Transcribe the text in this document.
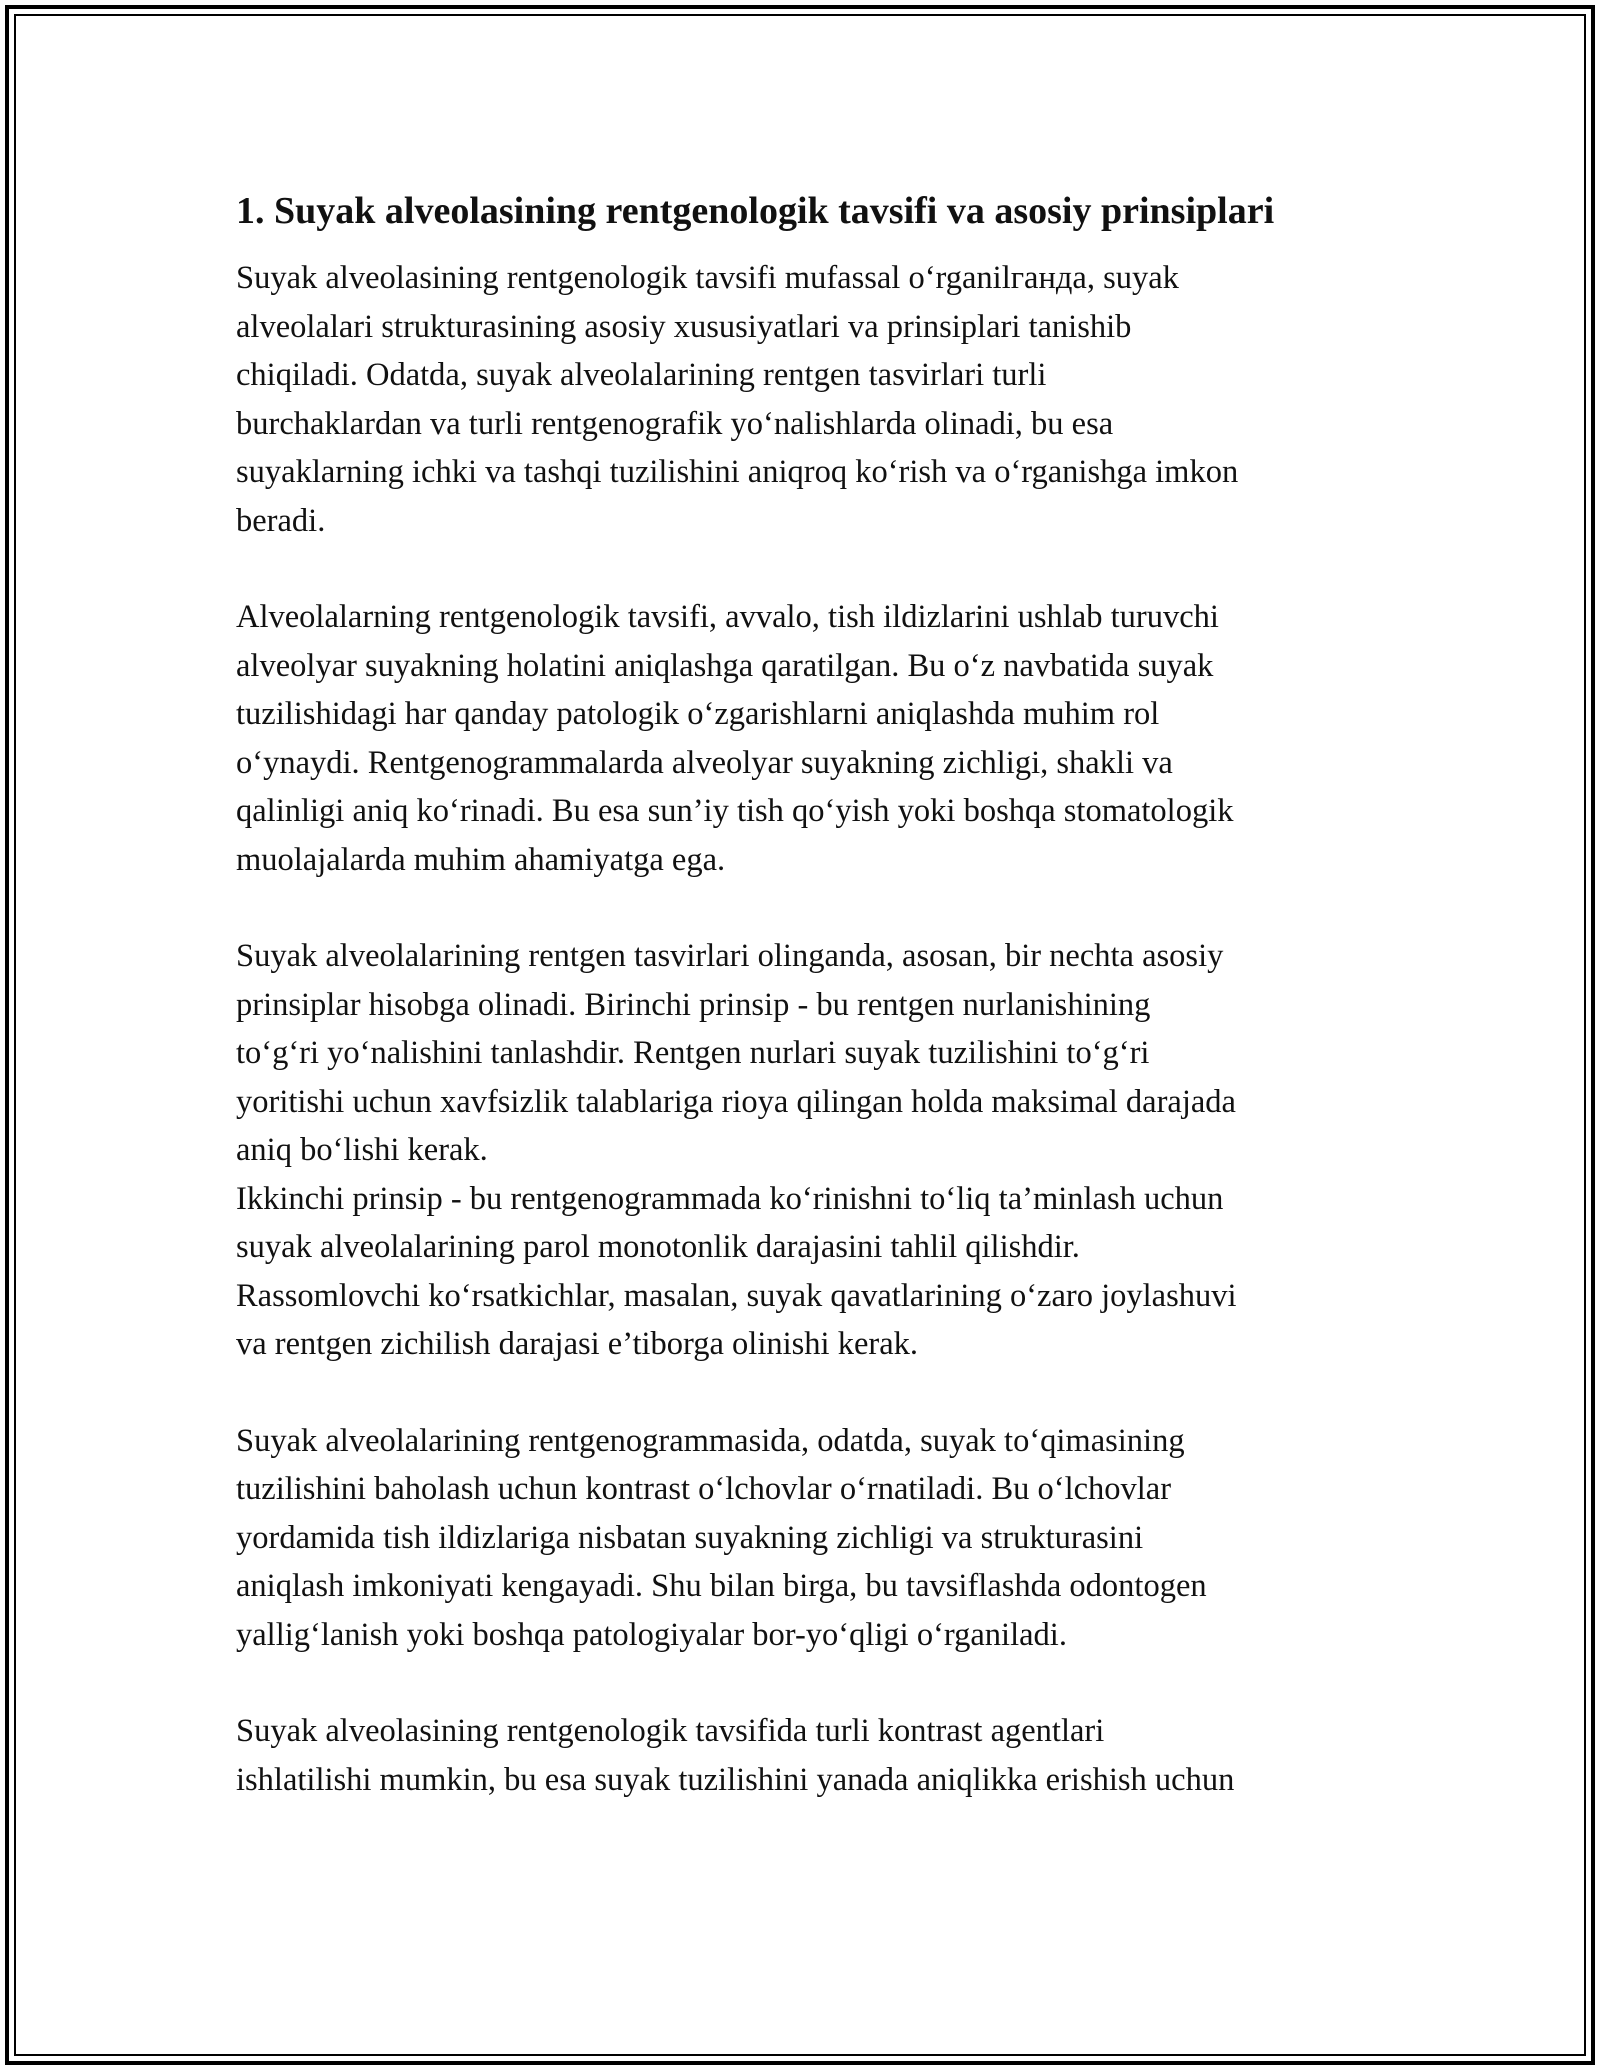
1. Suyak alveolasining rentgenologik tavsifi va asosiy prinsiplari

Suyak alveolasining rentgenologik tavsifi mufassal o‘rganilганда, suyak
alveolalari strukturasining asosiy xususiyatlari va prinsiplari tanishib
chiqiladi. Odatda, suyak alveolalarining rentgen tasvirlari turli
burchaklardan va turli rentgenografik yo‘nalishlarda olinadi, bu esa
suyaklarning ichki va tashqi tuzilishini aniqroq ko‘rish va o‘rganishga imkon
beradi.

Alveolalarning rentgenologik tavsifi, avvalo, tish ildizlarini ushlab turuvchi
alveolyar suyakning holatini aniqlashga qaratilgan. Bu o‘z navbatida suyak
tuzilishidagi har qanday patologik o‘zgarishlarni aniqlashda muhim rol
o‘ynaydi. Rentgenogrammalarda alveolyar suyakning zichligi, shakli va
qalinligi aniq ko‘rinadi. Bu esa sun’iy tish qo‘yish yoki boshqa stomatologik
muolajalarda muhim ahamiyatga ega.

Suyak alveolalarining rentgen tasvirlari olinganda, asosan, bir nechta asosiy
prinsiplar hisobga olinadi. Birinchi prinsip - bu rentgen nurlanishining
to‘g‘ri yo‘nalishini tanlashdir. Rentgen nurlari suyak tuzilishini to‘g‘ri
yoritishi uchun xavfsizlik talablariga rioya qilingan holda maksimal darajada
aniq bo‘lishi kerak.
Ikkinchi prinsip - bu rentgenogrammada ko‘rinishni to‘liq ta’minlash uchun
suyak alveolalarining parol monotonlik darajasini tahlil qilishdir.
Rassomlovchi ko‘rsatkichlar, masalan, suyak qavatlarining o‘zaro joylashuvi
va rentgen zichilish darajasi e’tiborga olinishi kerak.

Suyak alveolalarining rentgenogrammasida, odatda, suyak to‘qimasining
tuzilishini baholash uchun kontrast o‘lchovlar o‘rnatiladi. Bu o‘lchovlar
yordamida tish ildizlariga nisbatan suyakning zichligi va strukturasini
aniqlash imkoniyati kengayadi. Shu bilan birga, bu tavsiflashda odontogen
yallig‘lanish yoki boshqa patologiyalar bor-yo‘qligi o‘rganiladi.

Suyak alveolasining rentgenologik tavsifida turli kontrast agentlari
ishlatilishi mumkin, bu esa suyak tuzilishini yanada aniqlikka erishish uchun
